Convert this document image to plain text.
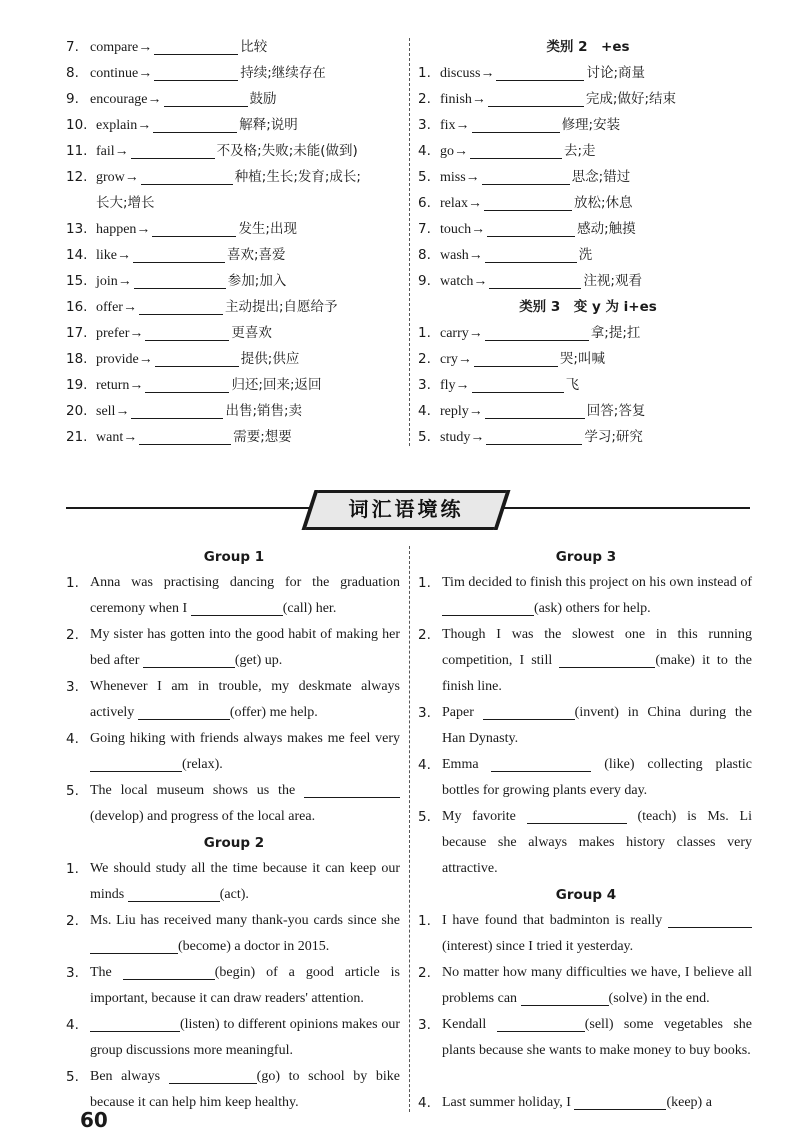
7. compare→	比较
8. continue→	持续;继续存在
9. encourage→	鼓励
10. explain→	解释;说明
11. fail→	不及格;失败;未能(做到)
12. grow→	种植;生长;发育;成长;
长大;增长
13. happen→	发生;出现
14. like→	喜欢;喜爱
15. join→	参加;加入
16. offer→	主动提出;自愿给予
17. prefer→	更喜欢
18. provide→	提供;供应
19. return→	归还;回来;返回
20. sell→	出售;销售;卖
21. want→	需要;想要
类别 2　+es
1. discuss→	讨论;商量
2. finish→	完成;做好;结束
3. fix→	修理;安装
4. go→	去;走
5. miss→	思念;错过
6. relax→	放松;休息
7. touch→	感动;触摸
8. wash→	洗
9. watch→	注视;观看
类别 3　变 y 为 i+es
1. carry→	拿;提;扛
2. cry→	哭;叫喊
3. fly→	飞
4. reply→	回答;答复
5. study→	学习;研究
词汇语境练
Group 1
1. Anna was practising dancing for the graduation ceremony when I	(call) her.
2. My sister has gotten into the good habit of making her bed after	(get) up.
3. Whenever I am in trouble, my deskmate always actively	(offer) me help.
4. Going hiking with friends always makes me feel very (relax).
5. The local museum shows us the  (develop) and progress of the local area.
Group 2
1. We should study all the time because it can keep our minds	(act).
2. Ms. Liu has received many thank-you cards since she (become) a doctor in 2015.
3. The	(begin) of a good article is important, because it can draw readers' attention.
4.	(listen) to different opinions makes our group discussions more meaningful.
5. Ben always	(go) to school by bike because it can help him keep healthy.
Group 3
1. Tim decided to finish this project on his own instead of (ask) others for help.
2. Though I was the slowest one in this running competition, I still	(make) it to the finish line.
3. Paper	(invent) in China during the Han Dynasty.
4. Emma	(like) collecting plastic bottles for growing plants every day.
5. My favorite	(teach) is Ms. Li because she always makes history classes very attractive.
Group 4
1. I have found that badminton is really  (interest) since I tried it yesterday.
2. No matter how many difficulties we have, I believe all problems can	(solve) in the end.
3. Kendall	(sell) some vegetables she plants because she wants to make money to buy books.
4. Last summer holiday, I	(keep) a
60
